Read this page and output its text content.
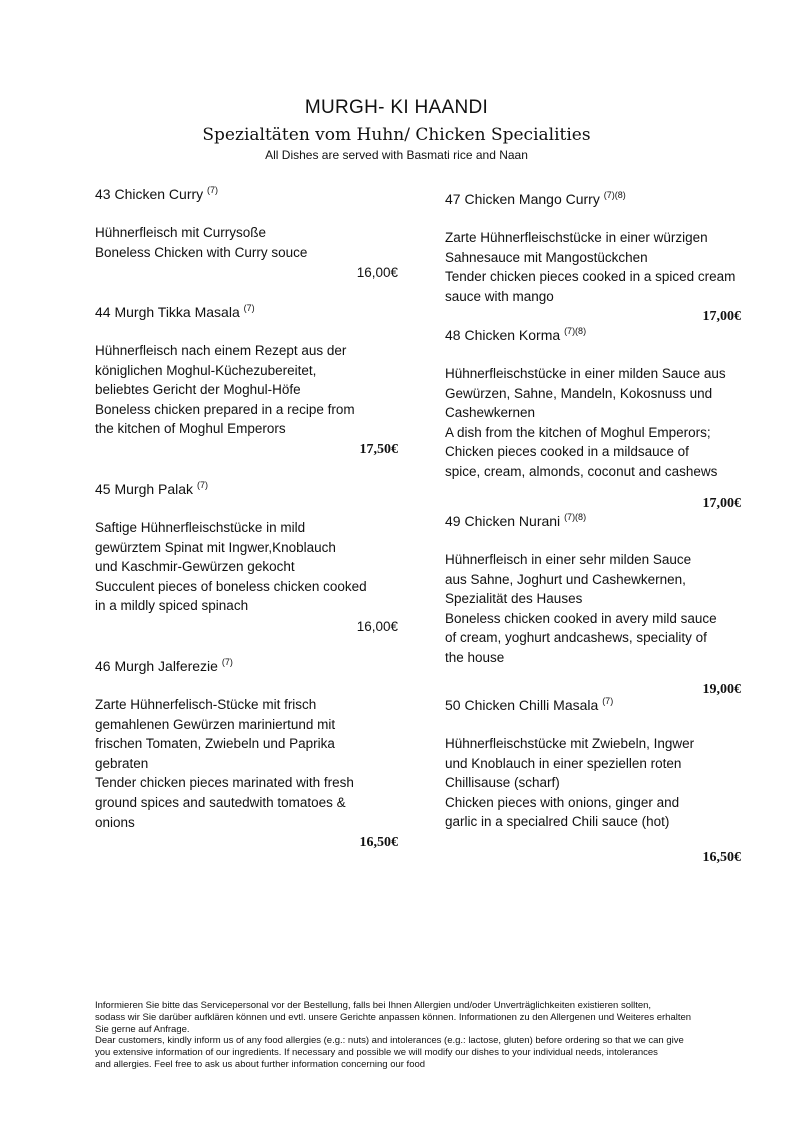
MURGH- KI HAANDI
Spezialtäten vom Huhn/ Chicken Specialities
All Dishes are served with Basmati rice and Naan
43 Chicken Curry $^{(7)}$
Hühnerfleisch mit Currysoße
Boneless Chicken with Curry souce
16,00€
44 Murgh Tikka Masala $^{(7)}$
Hühnerfleisch nach einem Rezept aus der
königlichen Moghul-Küchezubereitet,
beliebtes Gericht der Moghul-Höfe
Boneless chicken prepared in a recipe from
the kitchen of Moghul Emperors
17,50€
45 Murgh Palak $^{(7)}$
Saftige Hühnerfleischstücke in mild
gewürztem Spinat mit Ingwer,Knoblauch
und Kaschmir-Gewürzen gekocht
Succulent pieces of boneless chicken cooked
in a mildly spiced spinach
16,00€
46 Murgh Jalferezie $^{(7)}$
Zarte Hühnerfelisch-Stücke mit frisch
gemahlenen Gewürzen mariniertund mit
frischen Tomaten, Zwiebeln und Paprika
gebraten
Tender chicken pieces marinated with fresh
ground spices and sautedwith tomatoes &
onions
16,50€
47 Chicken Mango Curry $^{(7)(8)}$
Zarte Hühnerfleischstücke in einer würzigen
Sahnesauce mit Mangostückchen
Tender chicken pieces cooked in a spiced cream
sauce with mango
17,00€
48 Chicken Korma $^{(7)(8)}$
Hühnerfleischstücke in einer milden Sauce aus
Gewürzen, Sahne, Mandeln, Kokosnuss und
Cashewkernen
A dish from the kitchen of Moghul Emperors;
Chicken pieces cooked in a mildsauce of
spice, cream, almonds, coconut and cashews
17,00€
49 Chicken Nurani $^{(7)(8)}$
Hühnerfleisch in einer sehr milden Sauce
aus Sahne, Joghurt und Cashewkernen,
Spezialität des Hauses
Boneless chicken cooked in avery mild sauce
of cream, yoghurt andcashews, speciality of
the house
19,00€
50 Chicken Chilli Masala $^{(7)}$
Hühnerfleischstücke mit Zwiebeln, Ingwer
und Knoblauch in einer speziellen roten
Chillisause (scharf)
Chicken pieces with onions, ginger and
garlic in a specialred Chili sauce (hot)
16,50€
Informieren Sie bitte das Servicepersonal vor der Bestellung, falls bei Ihnen Allergien und/oder Unverträglichkeiten existieren sollten,
sodass wir Sie darüber aufklären können und evtl. unsere Gerichte anpassen können. Informationen zu den Allergenen und Weiteres erhalten
Sie gerne auf Anfrage.
Dear customers, kindly inform us of any food allergies (e.g.: nuts) and intolerances (e.g.: lactose, gluten) before ordering so that we can give
you extensive information of our ingredients. If necessary and possible we will modify our dishes to your individual needs, intolerances
and allergies. Feel free to ask us about further information concerning our food
